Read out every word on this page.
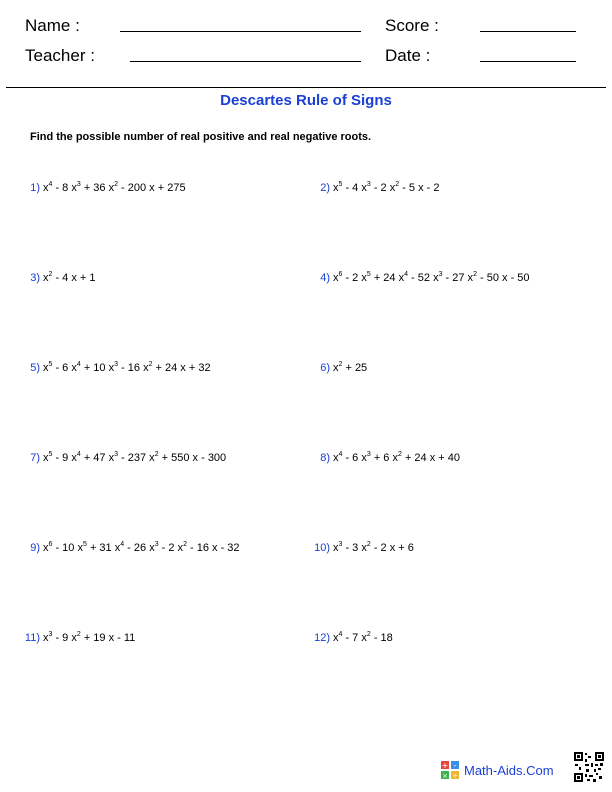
Name :	Score :
Teacher :	Date :
Descartes Rule of Signs
Find the possible number of real positive and real negative roots.
1) $x^4 - 8$ $x^3 + 36$ $x^2 - 200$ x + 275	2) $x^5 - 4$ $x^3 - 2$ $x^2 - 5$ x - 2
3) $x^2 - 4$ x + 1	4) $x^6 - 2$ $x^5 + 24$ $x^4 - 52$ $x^3 - 27$ $x^2 - 50$ x - 50
5) $x^5 - 6$ $x^4 + 10$ $x^3 - 16$ $x^2 + 24$ x + 32	6) $x^2 + 25$
7) $x^5 - 9$ $x^4 + 47$ $x^3 - 237$ $x^2 + 550$ x - 300	8) $x^4 - 6$ $x^3 + 6$ $x^2 + 24$ x + 40
9) $x^6 - 10$ $x^5 + 31$ $x^4 - 26$ $x^3 - 2$ $x^2 - 16$ x - 32	10) $x^3 - 3$ $x^2 - 2$ x + 6
11) $x^3 - 9$ $x^2 + 19$ x - 11	12) $x^4 - 7$ $x^2 - 18$
+ -
× ÷ Math-Aids.Com
